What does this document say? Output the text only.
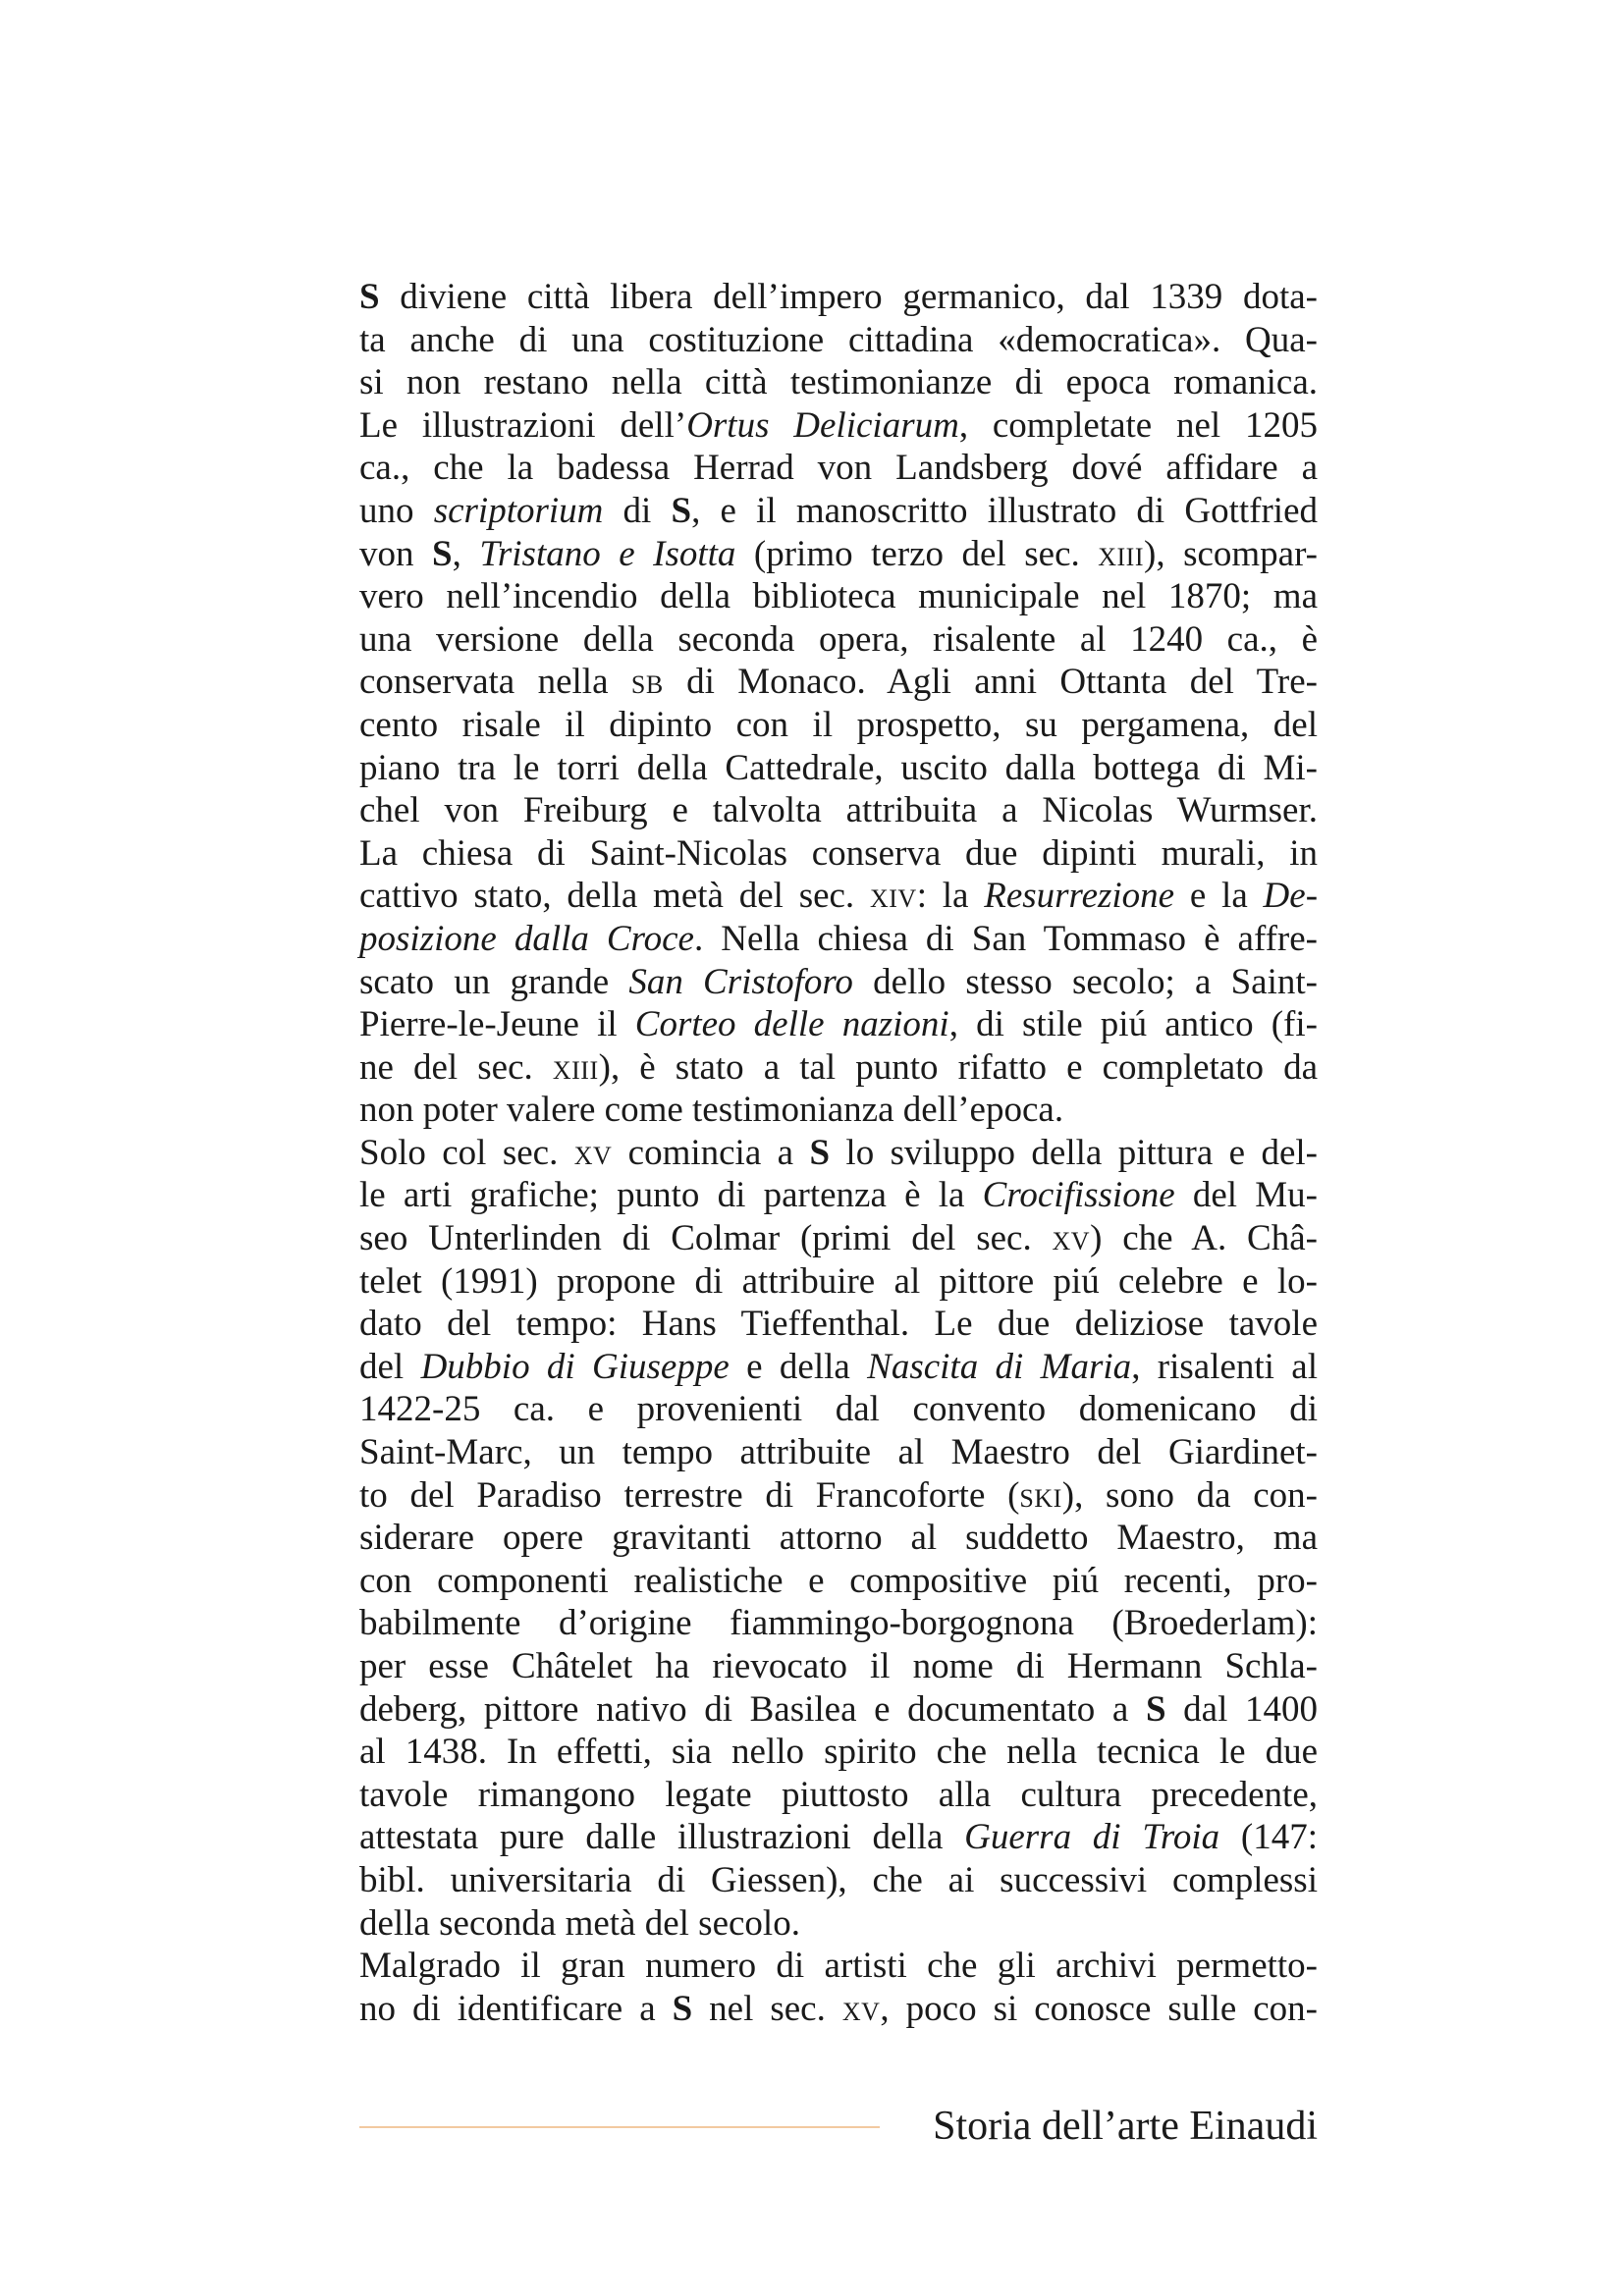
S diviene città libera dell’impero germanico, dal 1339 dota-
ta anche di una costituzione cittadina «democratica». Qua-
si non restano nella città testimonianze di epoca romanica.
Le illustrazioni dell’Ortus Deliciarum, completate nel 1205
ca., che la badessa Herrad von Landsberg dové affidare a
uno scriptorium di S, e il manoscritto illustrato di Gottfried
von S, Tristano e Isotta (primo terzo del sec. xiii), scompar-
vero nell’incendio della biblioteca municipale nel 1870; ma
una versione della seconda opera, risalente al 1240 ca., è
conservata nella sb di Monaco. Agli anni Ottanta del Tre-
cento risale il dipinto con il prospetto, su pergamena, del
piano tra le torri della Cattedrale, uscito dalla bottega di Mi-
chel von Freiburg e talvolta attribuita a Nicolas Wurmser.
La chiesa di Saint-Nicolas conserva due dipinti murali, in
cattivo stato, della metà del sec. xiv: la Resurrezione e la De-
posizione dalla Croce. Nella chiesa di San Tommaso è affre-
scato un grande San Cristoforo dello stesso secolo; a Saint-
Pierre-le-Jeune il Corteo delle nazioni, di stile piú antico (fi-
ne del sec. xiii), è stato a tal punto rifatto e completato da
non poter valere come testimonianza dell’epoca.
Solo col sec. xv comincia a S lo sviluppo della pittura e del-
le arti grafiche; punto di partenza è la Crocifissione del Mu-
seo Unterlinden di Colmar (primi del sec. xv) che A. Châ-
telet (1991) propone di attribuire al pittore piú celebre e lo-
dato del tempo: Hans Tieffenthal. Le due deliziose tavole
del Dubbio di Giuseppe e della Nascita di Maria, risalenti al
1422-25 ca. e provenienti dal convento domenicano di
Saint-Marc, un tempo attribuite al Maestro del Giardinet-
to del Paradiso terrestre di Francoforte (ski), sono da con-
siderare opere gravitanti attorno al suddetto Maestro, ma
con componenti realistiche e compositive piú recenti, pro-
babilmente d’origine fiammingo-borgognona (Broederlam):
per esse Châtelet ha rievocato il nome di Hermann Schla-
deberg, pittore nativo di Basilea e documentato a S dal 1400
al 1438. In effetti, sia nello spirito che nella tecnica le due
tavole rimangono legate piuttosto alla cultura precedente,
attestata pure dalle illustrazioni della Guerra di Troia (147:
bibl. universitaria di Giessen), che ai successivi complessi
della seconda metà del secolo.
Malgrado il gran numero di artisti che gli archivi permetto-
no di identificare a S nel sec. xv, poco si conosce sulle con-
Storia dell’arte Einaudi
